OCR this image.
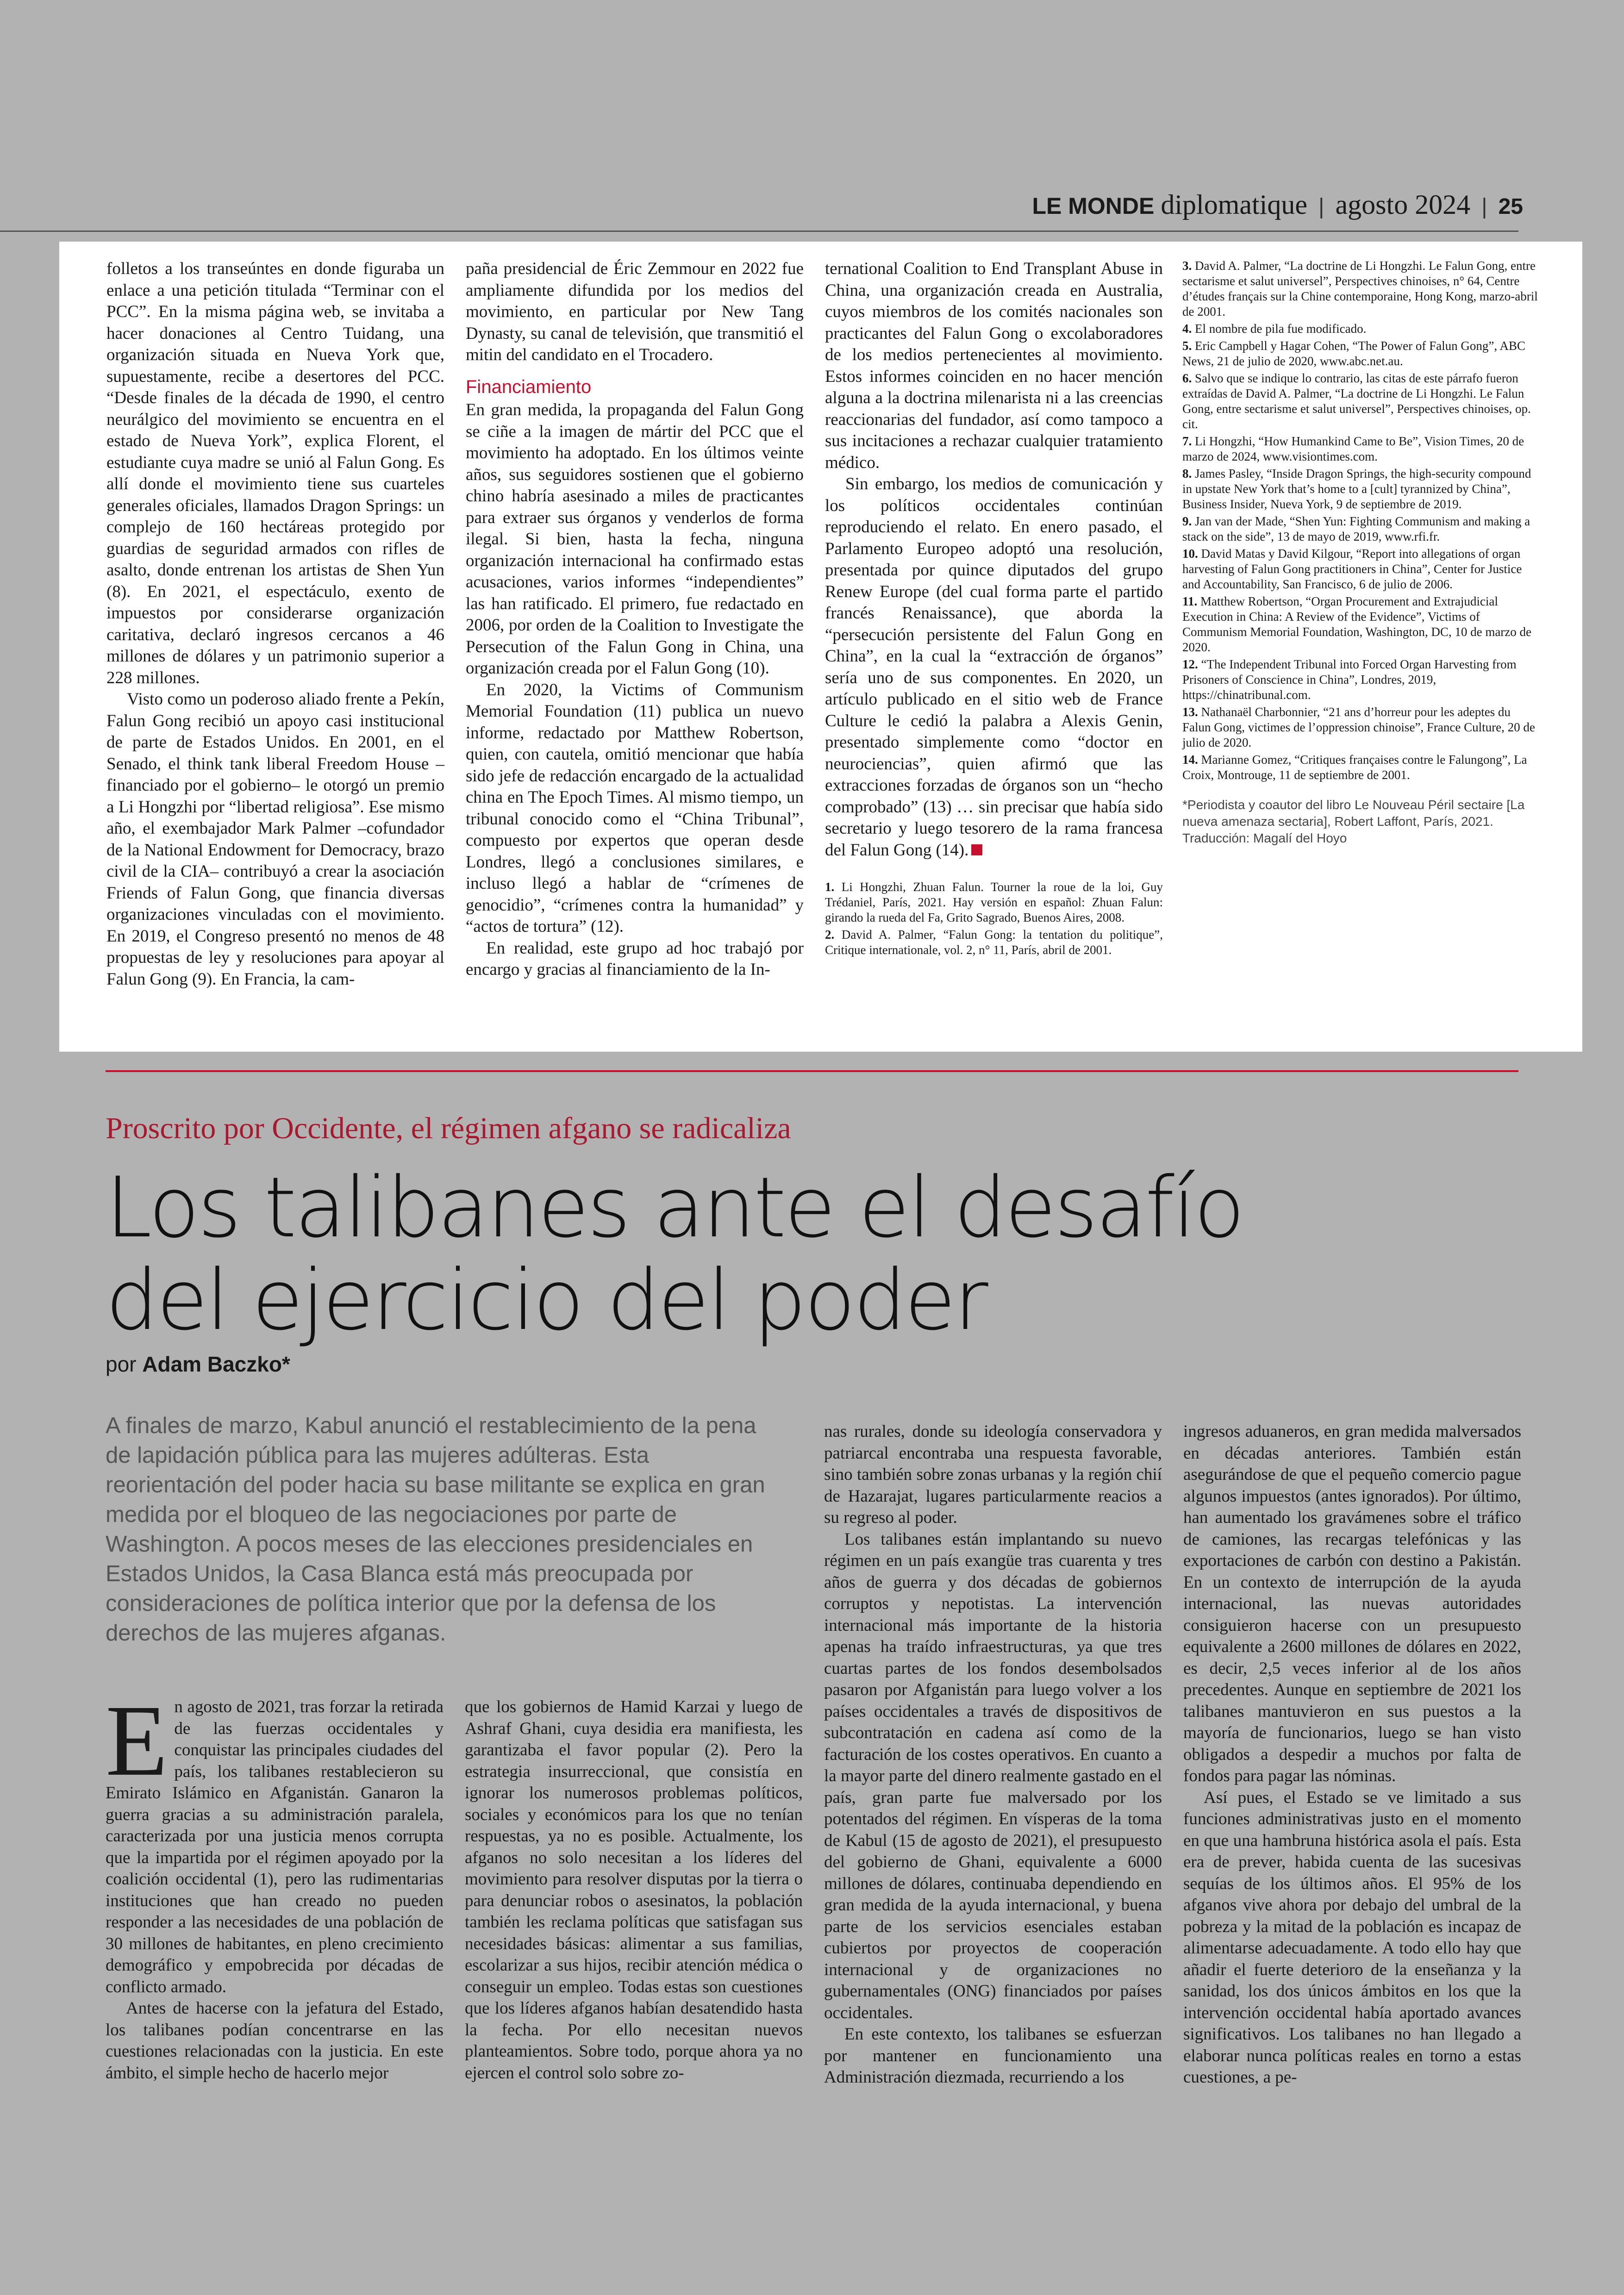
LE MONDE diplomatique | agosto 2024 | 25

folletos a los transeúntes en donde figuraba un enlace a una petición titulada “Terminar con el PCC”. En la misma página web, se invitaba a hacer donaciones al Centro Tuidang, una organización situada en Nueva York que, supuestamente, recibe a desertores del PCC. “Desde finales de la década de 1990, el centro neurálgico del movimiento se encuentra en el estado de Nueva York”, explica Florent, el estudiante cuya madre se unió al Falun Gong. Es allí donde el movimiento tiene sus cuarteles generales oficiales, llamados Dragon Springs: un complejo de 160 hectáreas protegido por guardias de seguridad armados con rifles de asalto, donde entrenan los artistas de Shen Yun (8). En 2021, el espectáculo, exento de impuestos por considerarse organización caritativa, declaró ingresos cercanos a 46 millones de dólares y un patrimonio superior a 228 millones.

Visto como un poderoso aliado frente a Pekín, Falun Gong recibió un apoyo casi institucional de parte de Estados Unidos. En 2001, en el Senado, el think tank liberal Freedom House –financiado por el gobierno– le otorgó un premio a Li Hongzhi por “libertad religiosa”. Ese mismo año, el exembajador Mark Palmer –cofundador de la National Endowment for Democracy, brazo civil de la CIA– contribuyó a crear la asociación Friends of Falun Gong, que financia diversas organizaciones vinculadas con el movimiento. En 2019, el Congreso presentó no menos de 48 propuestas de ley y resoluciones para apoyar al Falun Gong (9). En Francia, la cam-

paña presidencial de Éric Zemmour en 2022 fue ampliamente difundida por los medios del movimiento, en particular por New Tang Dynasty, su canal de televisión, que transmitió el mitin del candidato en el Trocadero.

Financiamiento

En gran medida, la propaganda del Falun Gong se ciñe a la imagen de mártir del PCC que el movimiento ha adoptado. En los últimos veinte años, sus seguidores sostienen que el gobierno chino habría asesinado a miles de practicantes para extraer sus órganos y venderlos de forma ilegal. Si bien, hasta la fecha, ninguna organización internacional ha confirmado estas acusaciones, varios informes “independientes” las han ratificado. El primero, fue redactado en 2006, por orden de la Coalition to Investigate the Persecution of the Falun Gong in China, una organización creada por el Falun Gong (10).

En 2020, la Victims of Communism Memorial Foundation (11) publica un nuevo informe, redactado por Matthew Robertson, quien, con cautela, omitió mencionar que había sido jefe de redacción encargado de la actualidad china en The Epoch Times. Al mismo tiempo, un tribunal conocido como el “China Tribunal”, compuesto por expertos que operan desde Londres, llegó a conclusiones similares, e incluso llegó a hablar de “crímenes de genocidio”, “crímenes contra la humanidad” y “actos de tortura” (12).

En realidad, este grupo ad hoc trabajó por encargo y gracias al financiamiento de la In-

ternational Coalition to End Transplant Abuse in China, una organización creada en Australia, cuyos miembros de los comités nacionales son practicantes del Falun Gong o excolaboradores de los medios pertenecientes al movimiento. Estos informes coinciden en no hacer mención alguna a la doctrina milenarista ni a las creencias reaccionarias del fundador, así como tampoco a sus incitaciones a rechazar cualquier tratamiento médico.

Sin embargo, los medios de comunicación y los políticos occidentales continúan reproduciendo el relato. En enero pasado, el Parlamento Europeo adoptó una resolución, presentada por quince diputados del grupo Renew Europe (del cual forma parte el partido francés Renaissance), que aborda la “persecución persistente del Falun Gong en China”, en la cual la “extracción de órganos” sería uno de sus componentes. En 2020, un artículo publicado en el sitio web de France Culture le cedió la palabra a Alexis Genin, presentado simplemente como “doctor en neurociencias”, quien afirmó que las extracciones forzadas de órganos son un “hecho comprobado” (13) … sin precisar que había sido secretario y luego tesorero de la rama francesa del Falun Gong (14).

1. Li Hongzhi, Zhuan Falun. Tourner la roue de la loi, Guy Trédaniel, París, 2021. Hay versión en español: Zhuan Falun: girando la rueda del Fa, Grito Sagrado, Buenos Aires, 2008.

2. David A. Palmer, “Falun Gong: la tentation du politique”, Critique internationale, vol. 2, n° 11, París, abril de 2001.

3. David A. Palmer, “La doctrine de Li Hongzhi. Le Falun Gong, entre sectarisme et salut universel”, Perspectives chinoises, n° 64, Centre d’études français sur la Chine contemporaine, Hong Kong, marzo-abril de 2001.

4. El nombre de pila fue modificado.

5. Eric Campbell y Hagar Cohen, “The Power of Falun Gong”, ABC News, 21 de julio de 2020, www.abc.net.au.

6. Salvo que se indique lo contrario, las citas de este párrafo fueron extraídas de David A. Palmer, “La doctrine de Li Hongzhi. Le Falun Gong, entre sectarisme et salut universel”, Perspectives chinoises, op. cit.

7. Li Hongzhi, “How Humankind Came to Be”, Vision Times, 20 de marzo de 2024, www.visiontimes.com.

8. James Pasley, “Inside Dragon Springs, the high-security compound in upstate New York that’s home to a [cult] tyrannized by China”, Business Insider, Nueva York, 9 de septiembre de 2019.

9. Jan van der Made, “Shen Yun: Fighting Communism and making a stack on the side”, 13 de mayo de 2019, www.rfi.fr.

10. David Matas y David Kilgour, “Report into allegations of organ harvesting of Falun Gong practitioners in China”, Center for Justice and Accountability, San Francisco, 6 de julio de 2006.

11. Matthew Robertson, “Organ Procurement and Extrajudicial Execution in China: A Review of the Evidence”, Victims of Communism Memorial Foundation, Washington, DC, 10 de marzo de 2020.

12. “The Independent Tribunal into Forced Organ Harvesting from Prisoners of Conscience in China”, Londres, 2019, https://chinatribunal.com.

13. Nathanaël Charbonnier, “21 ans d’horreur pour les adeptes du Falun Gong, victimes de l’oppression chinoise”, France Culture, 20 de julio de 2020.

14. Marianne Gomez, “Critiques françaises contre le Falungong”, La Croix, Montrouge, 11 de septiembre de 2001.

*Periodista y coautor del libro Le Nouveau Péril sectaire [La nueva amenaza sectaria], Robert Laffont, París, 2021.
Traducción: Magalí del Hoyo
Proscrito por Occidente, el régimen afgano se radicaliza
Los talibanes ante el desafío
del ejercicio del poder
por Adam Baczko*
A finales de marzo, Kabul anunció el restablecimiento de la pena de lapidación pública para las mujeres adúlteras. Esta reorientación del poder hacia su base militante se explica en gran medida por el bloqueo de las negociaciones por parte de Washington. A pocos meses de las elecciones presidenciales en Estados Unidos, la Casa Blanca está más preocupada por consideraciones de política interior que por la defensa de los derechos de las mujeres afganas.

En agosto de 2021, tras forzar la retirada de las fuerzas occidentales y conquistar las principales ciudades del país, los talibanes restablecieron su Emirato Islámico en Afganistán. Ganaron la guerra gracias a su administración paralela, caracterizada por una justicia menos corrupta que la impartida por el régimen apoyado por la coalición occidental (1), pero las rudimentarias instituciones que han creado no pueden responder a las necesidades de una población de 30 millones de habitantes, en pleno crecimiento demográfico y empobrecida por décadas de conflicto armado.

Antes de hacerse con la jefatura del Estado, los talibanes podían concentrarse en las cuestiones relacionadas con la justicia. En este ámbito, el simple hecho de hacerlo mejor

que los gobiernos de Hamid Karzai y luego de Ashraf Ghani, cuya desidia era manifiesta, les garantizaba el favor popular (2). Pero la estrategia insurreccional, que consistía en ignorar los numerosos problemas políticos, sociales y económicos para los que no tenían respuestas, ya no es posible. Actualmente, los afganos no solo necesitan a los líderes del movimiento para resolver disputas por la tierra o para denunciar robos o asesinatos, la población también les reclama políticas que satisfagan sus necesidades básicas: alimentar a sus familias, escolarizar a sus hijos, recibir atención médica o conseguir un empleo. Todas estas son cuestiones que los líderes afganos habían desatendido hasta la fecha. Por ello necesitan nuevos planteamientos. Sobre todo, porque ahora ya no ejercen el control solo sobre zo-

nas rurales, donde su ideología conservadora y patriarcal encontraba una respuesta favorable, sino también sobre zonas urbanas y la región chií de Hazarajat, lugares particularmente reacios a su regreso al poder.

Los talibanes están implantando su nuevo régimen en un país exangüe tras cuarenta y tres años de guerra y dos décadas de gobiernos corruptos y nepotistas. La intervención internacional más importante de la historia apenas ha traído infraestructuras, ya que tres cuartas partes de los fondos desembolsados pasaron por Afganistán para luego volver a los países occidentales a través de dispositivos de subcontratación en cadena así como de la facturación de los costes operativos. En cuanto a la mayor parte del dinero realmente gastado en el país, gran parte fue malversado por los potentados del régimen. En vísperas de la toma de Kabul (15 de agosto de 2021), el presupuesto del gobierno de Ghani, equivalente a 6000 millones de dólares, continuaba dependiendo en gran medida de la ayuda internacional, y buena parte de los servicios esenciales estaban cubiertos por proyectos de cooperación internacional y de organizaciones no gubernamentales (ONG) financiados por países occidentales.

En este contexto, los talibanes se esfuerzan por mantener en funcionamiento una Administración diezmada, recurriendo a los

ingresos aduaneros, en gran medida malversados en décadas anteriores. También están asegurándose de que el pequeño comercio pague algunos impuestos (antes ignorados). Por último, han aumentado los gravámenes sobre el tráfico de camiones, las recargas telefónicas y las exportaciones de carbón con destino a Pakistán. En un contexto de interrupción de la ayuda internacional, las nuevas autoridades consiguieron hacerse con un presupuesto equivalente a 2600 millones de dólares en 2022, es decir, 2,5 veces inferior al de los años precedentes. Aunque en septiembre de 2021 los talibanes mantuvieron en sus puestos a la mayoría de funcionarios, luego se han visto obligados a despedir a muchos por falta de fondos para pagar las nóminas.

Así pues, el Estado se ve limitado a sus funciones administrativas justo en el momento en que una hambruna histórica asola el país. Esta era de prever, habida cuenta de las sucesivas sequías de los últimos años. El 95% de los afganos vive ahora por debajo del umbral de la pobreza y la mitad de la población es incapaz de alimentarse adecuadamente. A todo ello hay que añadir el fuerte deterioro de la enseñanza y la sanidad, los dos únicos ámbitos en los que la intervención occidental había aportado avances significativos. Los talibanes no han llegado a elaborar nunca políticas reales en torno a estas cuestiones, a pe-
